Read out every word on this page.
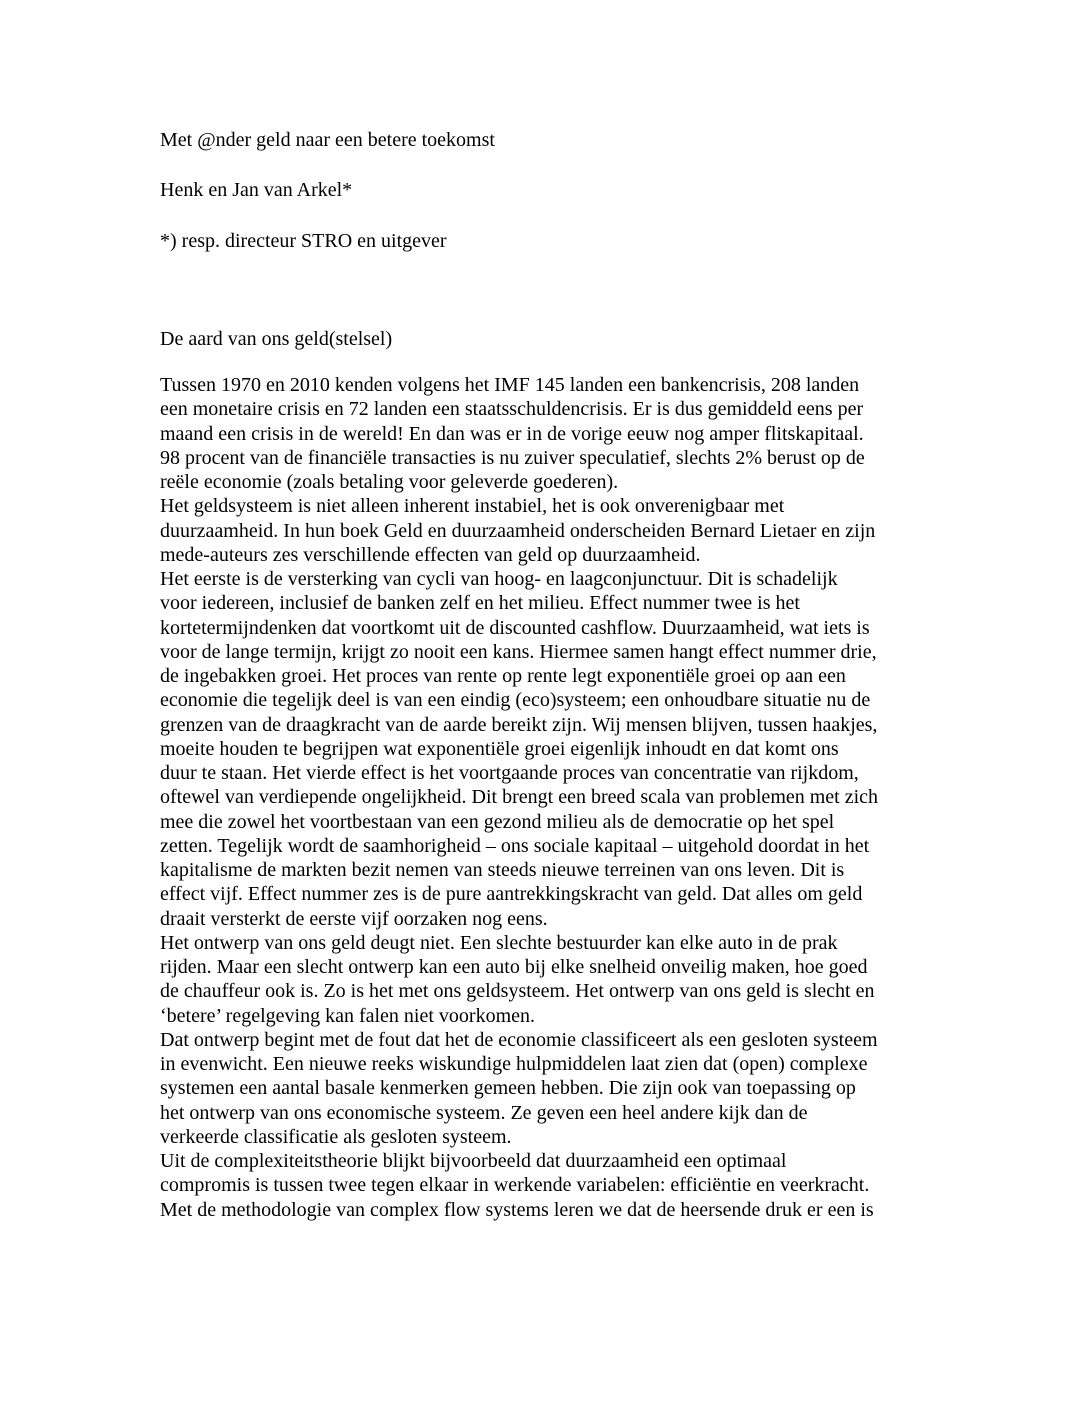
Met @nder geld naar een betere toekomst

Henk en Jan van Arkel*

*) resp. directeur STRO en uitgever

De aard van ons geld(stelsel)

Tussen 1970 en 2010 kenden volgens het IMF 145 landen een bankencrisis, 208 landen
een monetaire crisis en 72 landen een staatsschuldencrisis. Er is dus gemiddeld eens per
maand een crisis in de wereld! En dan was er in de vorige eeuw nog amper flitskapitaal.
98 procent van de financiële transacties is nu zuiver speculatief, slechts 2% berust op de
reële economie (zoals betaling voor geleverde goederen).
Het geldsysteem is niet alleen inherent instabiel, het is ook onverenigbaar met
duurzaamheid. In hun boek Geld en duurzaamheid onderscheiden Bernard Lietaer en zijn
mede-auteurs zes verschillende effecten van geld op duurzaamheid.
Het eerste is de versterking van cycli van hoog- en laagconjunctuur. Dit is schadelijk
voor iedereen, inclusief de banken zelf en het milieu. Effect nummer twee is het
kortetermijndenken dat voortkomt uit de discounted cashflow. Duurzaamheid, wat iets is
voor de lange termijn, krijgt zo nooit een kans. Hiermee samen hangt effect nummer drie,
de ingebakken groei. Het proces van rente op rente legt exponentiële groei op aan een
economie die tegelijk deel is van een eindig (eco)systeem; een onhoudbare situatie nu de
grenzen van de draagkracht van de aarde bereikt zijn. Wij mensen blijven, tussen haakjes,
moeite houden te begrijpen wat exponentiële groei eigenlijk inhoudt en dat komt ons
duur te staan. Het vierde effect is het voortgaande proces van concentratie van rijkdom,
oftewel van verdiepende ongelijkheid. Dit brengt een breed scala van problemen met zich
mee die zowel het voortbestaan van een gezond milieu als de democratie op het spel
zetten. Tegelijk wordt de saamhorigheid – ons sociale kapitaal – uitgehold doordat in het
kapitalisme de markten bezit nemen van steeds nieuwe terreinen van ons leven. Dit is
effect vijf. Effect nummer zes is de pure aantrekkingskracht van geld. Dat alles om geld
draait versterkt de eerste vijf oorzaken nog eens.
Het ontwerp van ons geld deugt niet. Een slechte bestuurder kan elke auto in de prak
rijden. Maar een slecht ontwerp kan een auto bij elke snelheid onveilig maken, hoe goed
de chauffeur ook is. Zo is het met ons geldsysteem. Het ontwerp van ons geld is slecht en
‘betere’ regelgeving kan falen niet voorkomen.
Dat ontwerp begint met de fout dat het de economie classificeert als een gesloten systeem
in evenwicht. Een nieuwe reeks wiskundige hulpmiddelen laat zien dat (open) complexe
systemen een aantal basale kenmerken gemeen hebben. Die zijn ook van toepassing op
het ontwerp van ons economische systeem. Ze geven een heel andere kijk dan de
verkeerde classificatie als gesloten systeem.
Uit de complexiteitstheorie blijkt bijvoorbeeld dat duurzaamheid een optimaal
compromis is tussen twee tegen elkaar in werkende variabelen: efficiëntie en veerkracht.
Met de methodologie van complex flow systems leren we dat de heersende druk er een is
